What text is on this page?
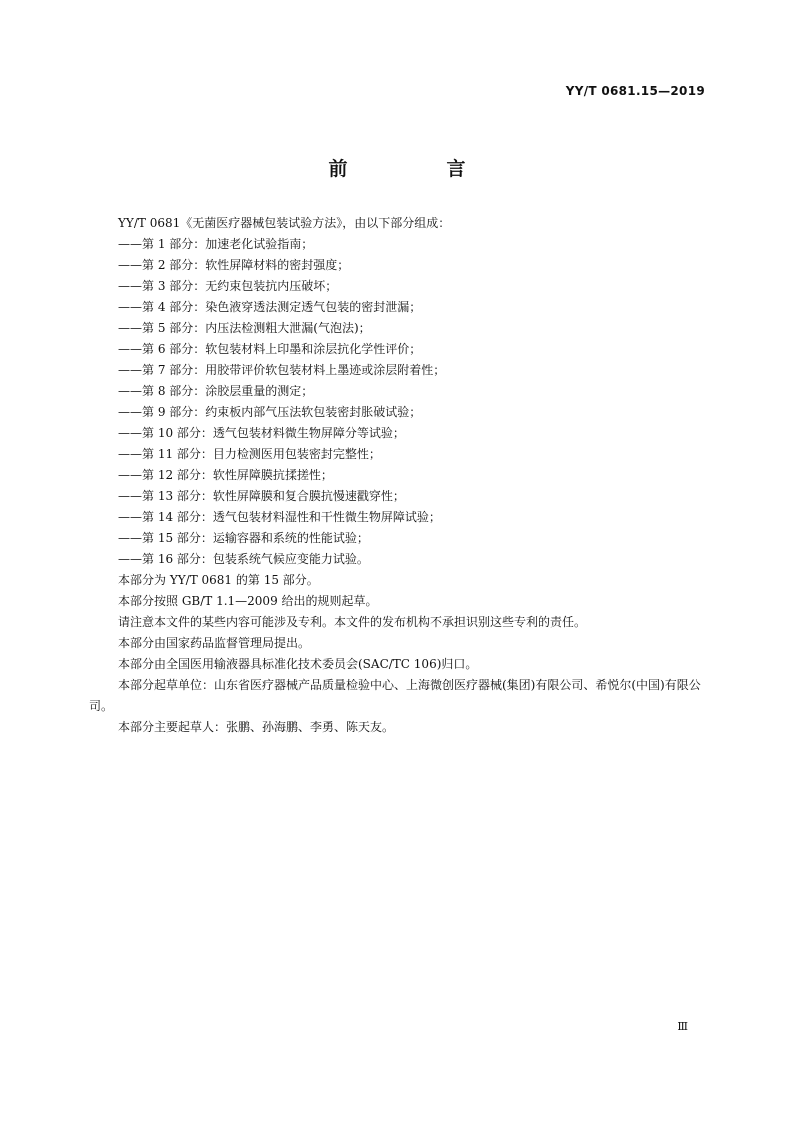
YY/T 0681.15—2019
前　言

YY/T 0681《无菌医疗器械包装试验方法》，由以下部分组成：

——第 1 部分：加速老化试验指南；

——第 2 部分：软性屏障材料的密封强度；

——第 3 部分：无约束包装抗内压破坏；

——第 4 部分：染色液穿透法测定透气包装的密封泄漏；

——第 5 部分：内压法检测粗大泄漏(气泡法)；

——第 6 部分：软包装材料上印墨和涂层抗化学性评价；

——第 7 部分：用胶带评价软包装材料上墨迹或涂层附着性；

——第 8 部分：涂胶层重量的测定；

——第 9 部分：约束板内部气压法软包装密封胀破试验；

——第 10 部分：透气包装材料微生物屏障分等试验；

——第 11 部分：目力检测医用包装密封完整性；

——第 12 部分：软性屏障膜抗揉搓性；

——第 13 部分：软性屏障膜和复合膜抗慢速戳穿性；

——第 14 部分：透气包装材料湿性和干性微生物屏障试验；

——第 15 部分：运输容器和系统的性能试验；

——第 16 部分：包装系统气候应变能力试验。

本部分为 YY/T 0681 的第 15 部分。

本部分按照 GB/T 1.1—2009 给出的规则起草。

请注意本文件的某些内容可能涉及专利。本文件的发布机构不承担识别这些专利的责任。

本部分由国家药品监督管理局提出。

本部分由全国医用输液器具标准化技术委员会(SAC/TC 106)归口。

本部分起草单位：山东省医疗器械产品质量检验中心、上海微创医疗器械(集团)有限公司、希悦尔(中国)有限公司。

本部分主要起草人：张鹏、孙海鹏、李勇、陈天友。

Ⅲ
